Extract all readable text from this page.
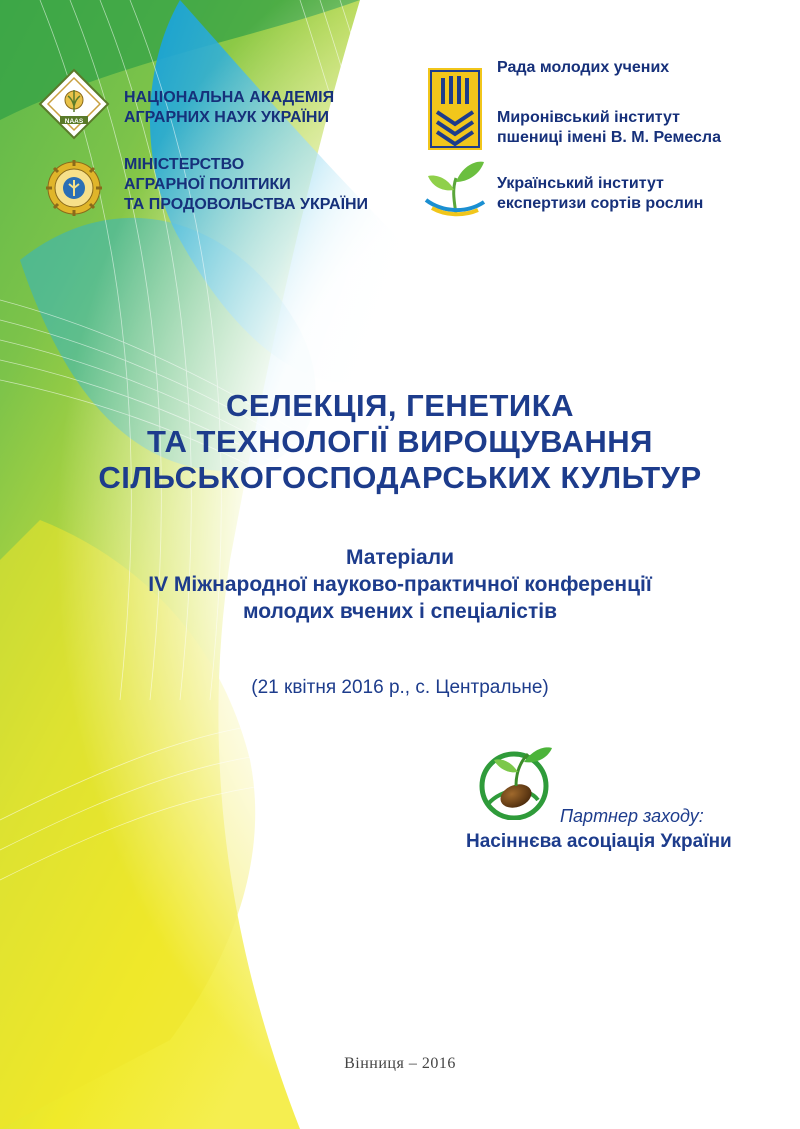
NAAS
НАЦІОНАЛЬНА АКАДЕМІЯ
АГРАРНИХ НАУК УКРАЇНИ
МІНІСТЕРСТВО
АГРАРНОЇ ПОЛІТИКИ
ТА ПРОДОВОЛЬСТВА УКРАЇНИ
Рада молодих учених
Миронівський інститут
пшениці імені В. М. Ремесла
Український інститут
експертизи сортів рослин
СЕЛЕКЦІЯ, ГЕНЕТИКА
ТА ТЕХНОЛОГІЇ ВИРОЩУВАННЯ
СІЛЬСЬКОГОСПОДАРСЬКИХ КУЛЬТУР
Матеріали
IV Міжнародної науково-практичної конференції
молодих вчених і спеціалістів
(21 квітня 2016 р., с. Центральне)
Партнер заходу:
Насіннєва асоціація України
Вінниця – 2016
